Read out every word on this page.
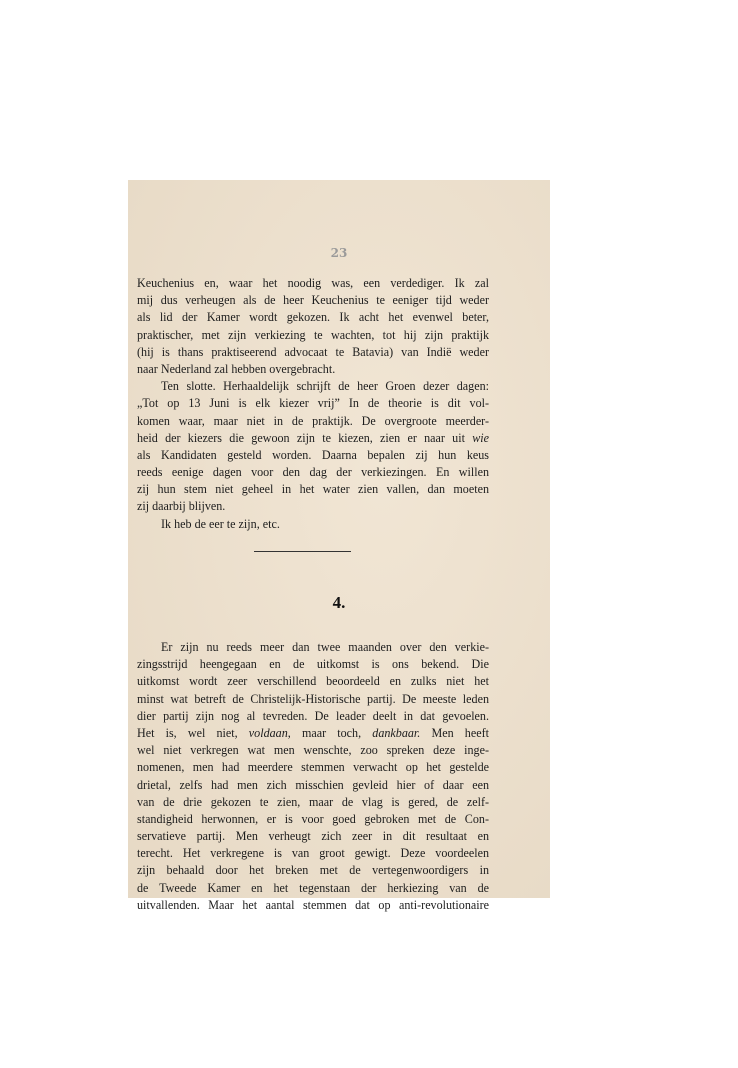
23
Keuchenius en, waar het noodig was, een verdediger. Ik zal
mij dus verheugen als de heer Keuchenius te eeniger tijd weder
als lid der Kamer wordt gekozen. Ik acht het evenwel beter,
praktischer, met zijn verkiezing te wachten, tot hij zijn praktijk
(hij is thans praktiseerend advocaat te Batavia) van Indië weder
naar Nederland zal hebben overgebracht.
Ten slotte. Herhaaldelijk schrijft de heer Groen dezer dagen:
„Tot op 13 Juni is elk kiezer vrij” In de theorie is dit vol-
komen waar, maar niet in de praktijk. De overgroote meerder-
heid der kiezers die gewoon zijn te kiezen, zien er naar uit wie
als Kandidaten gesteld worden. Daarna bepalen zij hun keus
reeds eenige dagen voor den dag der verkiezingen. En willen
zij hun stem niet geheel in het water zien vallen, dan moeten
zij daarbij blijven.
Ik heb de eer te zijn, etc.
4.
Er zijn nu reeds meer dan twee maanden over den verkie-
zingsstrijd heengegaan en de uitkomst is ons bekend. Die
uitkomst wordt zeer verschillend beoordeeld en zulks niet het
minst wat betreft de Christelijk-Historische partij. De meeste leden
dier partij zijn nog al tevreden. De leader deelt in dat gevoelen.
Het is, wel niet, voldaan, maar toch, dankbaar. Men heeft
wel niet verkregen wat men wenschte, zoo spreken deze inge-
nomenen, men had meerdere stemmen verwacht op het gestelde
drietal, zelfs had men zich misschien gevleid hier of daar een
van de drie gekozen te zien, maar de vlag is gered, de zelf-
standigheid herwonnen, er is voor goed gebroken met de Con-
servatieve partij. Men verheugt zich zeer in dit resultaat en
terecht. Het verkregene is van groot gewigt. Deze voordeelen
zijn behaald door het breken met de vertegenwoordigers in
de Tweede Kamer en het tegenstaan der herkiezing van de
uitvallenden. Maar het aantal stemmen dat op anti-revolutionaire
